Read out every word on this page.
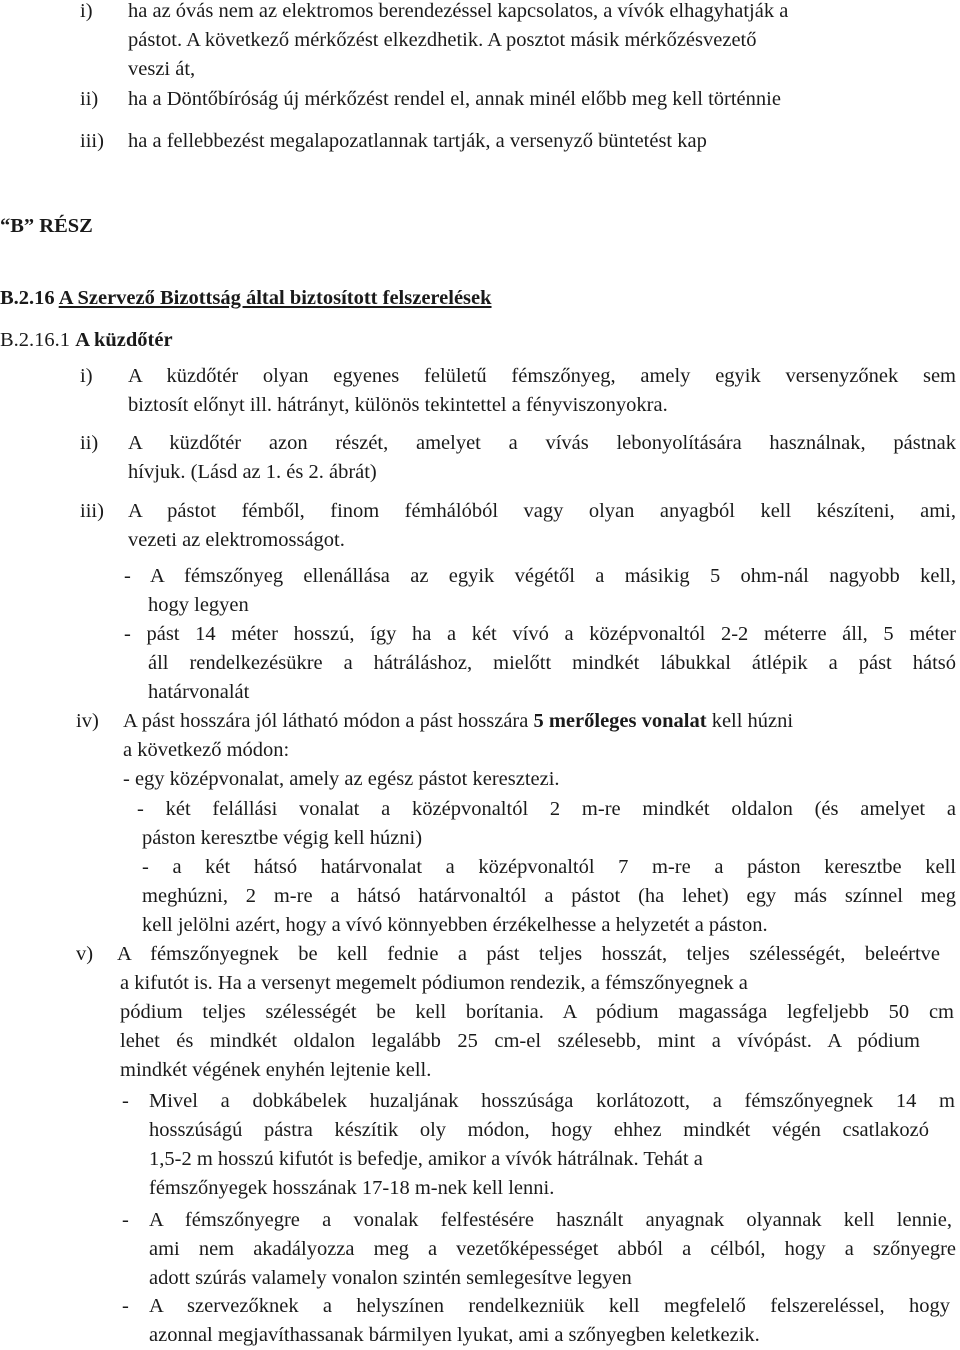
i) ha az óvás nem az elektromos berendezéssel kapcsolatos, a vívók elhagyhatják a
pástot. A következő mérkőzést elkezdhetik. A posztot másik mérkőzésvezető
veszi át,
ii) ha a Döntőbíróság új mérkőzést rendel el, annak minél előbb meg kell történnie
iii) ha a fellebbezést megalapozatlannak tartják, a versenyző büntetést kap
“B” RÉSZ
B.2.16 A Szervező Bizottság által biztosított felszerelések
B.2.16.1 A küzdőtér
i) A küzdőtér olyan egyenes felületű fémszőnyeg, amely egyik versenyzőnek sem
biztosít előnyt ill. hátrányt, különös tekintettel a fényviszonyokra.
ii) A küzdőtér azon részét, amelyet a vívás lebonyolítására használnak, pástnak
hívjuk. (Lásd az 1. és 2. ábrát)
iii) A pástot fémből, finom fémhálóból vagy olyan anyagból kell készíteni, ami,
vezeti az elektromosságot.
- A fémszőnyeg ellenállása az egyik végétől a másikig 5 ohm-nál nagyobb kell,
hogy legyen
- pást 14 méter hosszú, így ha a két vívó a középvonaltól 2-2 méterre áll, 5 méter
áll rendelkezésükre a hátráláshoz, mielőtt mindkét lábukkal átlépik a pást hátsó
határvonalát
iv) A pást hosszára jól látható módon a pást hosszára 5 merőleges vonalat kell húzni
a következő módon:
- egy középvonalat, amely az egész pástot keresztezi.
- két felállási vonalat a középvonaltól 2 m-re mindkét oldalon (és amelyet a
páston keresztbe végig kell húzni)
- a két hátsó határvonalat a középvonaltól 7 m-re a páston keresztbe kell
meghúzni, 2 m-re a hátsó határvonaltól a pástot (ha lehet) egy más színnel meg
kell jelölni azért, hogy a vívó könnyebben érzékelhesse a helyzetét a páston.
v) A fémszőnyegnek be kell fednie a pást teljes hosszát, teljes szélességét, beleértve
a kifutót is. Ha a versenyt megemelt pódiumon rendezik, a fémszőnyegnek a
pódium teljes szélességét be kell borítania. A pódium magassága legfeljebb 50 cm
lehet és mindkét oldalon legalább 25 cm-el szélesebb, mint a vívópást. A pódium
mindkét végének enyhén lejtenie kell.
- Mivel a dobkábelek huzaljának hosszúsága korlátozott, a fémszőnyegnek 14 m
hosszúságú pástra készítik oly módon, hogy ehhez mindkét végén csatlakozó
1,5-2 m hosszú kifutót is befedje, amikor a vívók hátrálnak. Tehát a
fémszőnyegek hosszának 17-18 m-nek kell lenni.
- A fémszőnyegre a vonalak felfestésére használt anyagnak olyannak kell lennie,
ami nem akadályozza meg a vezetőképességet abból a célból, hogy a szőnyegre
adott szúrás valamely vonalon szintén semlegesítve legyen
- A szervezőknek a helyszínen rendelkezniük kell megfelelő felszereléssel, hogy
azonnal megjavíthassanak bármilyen lyukat, ami a szőnyegben keletkezik.
